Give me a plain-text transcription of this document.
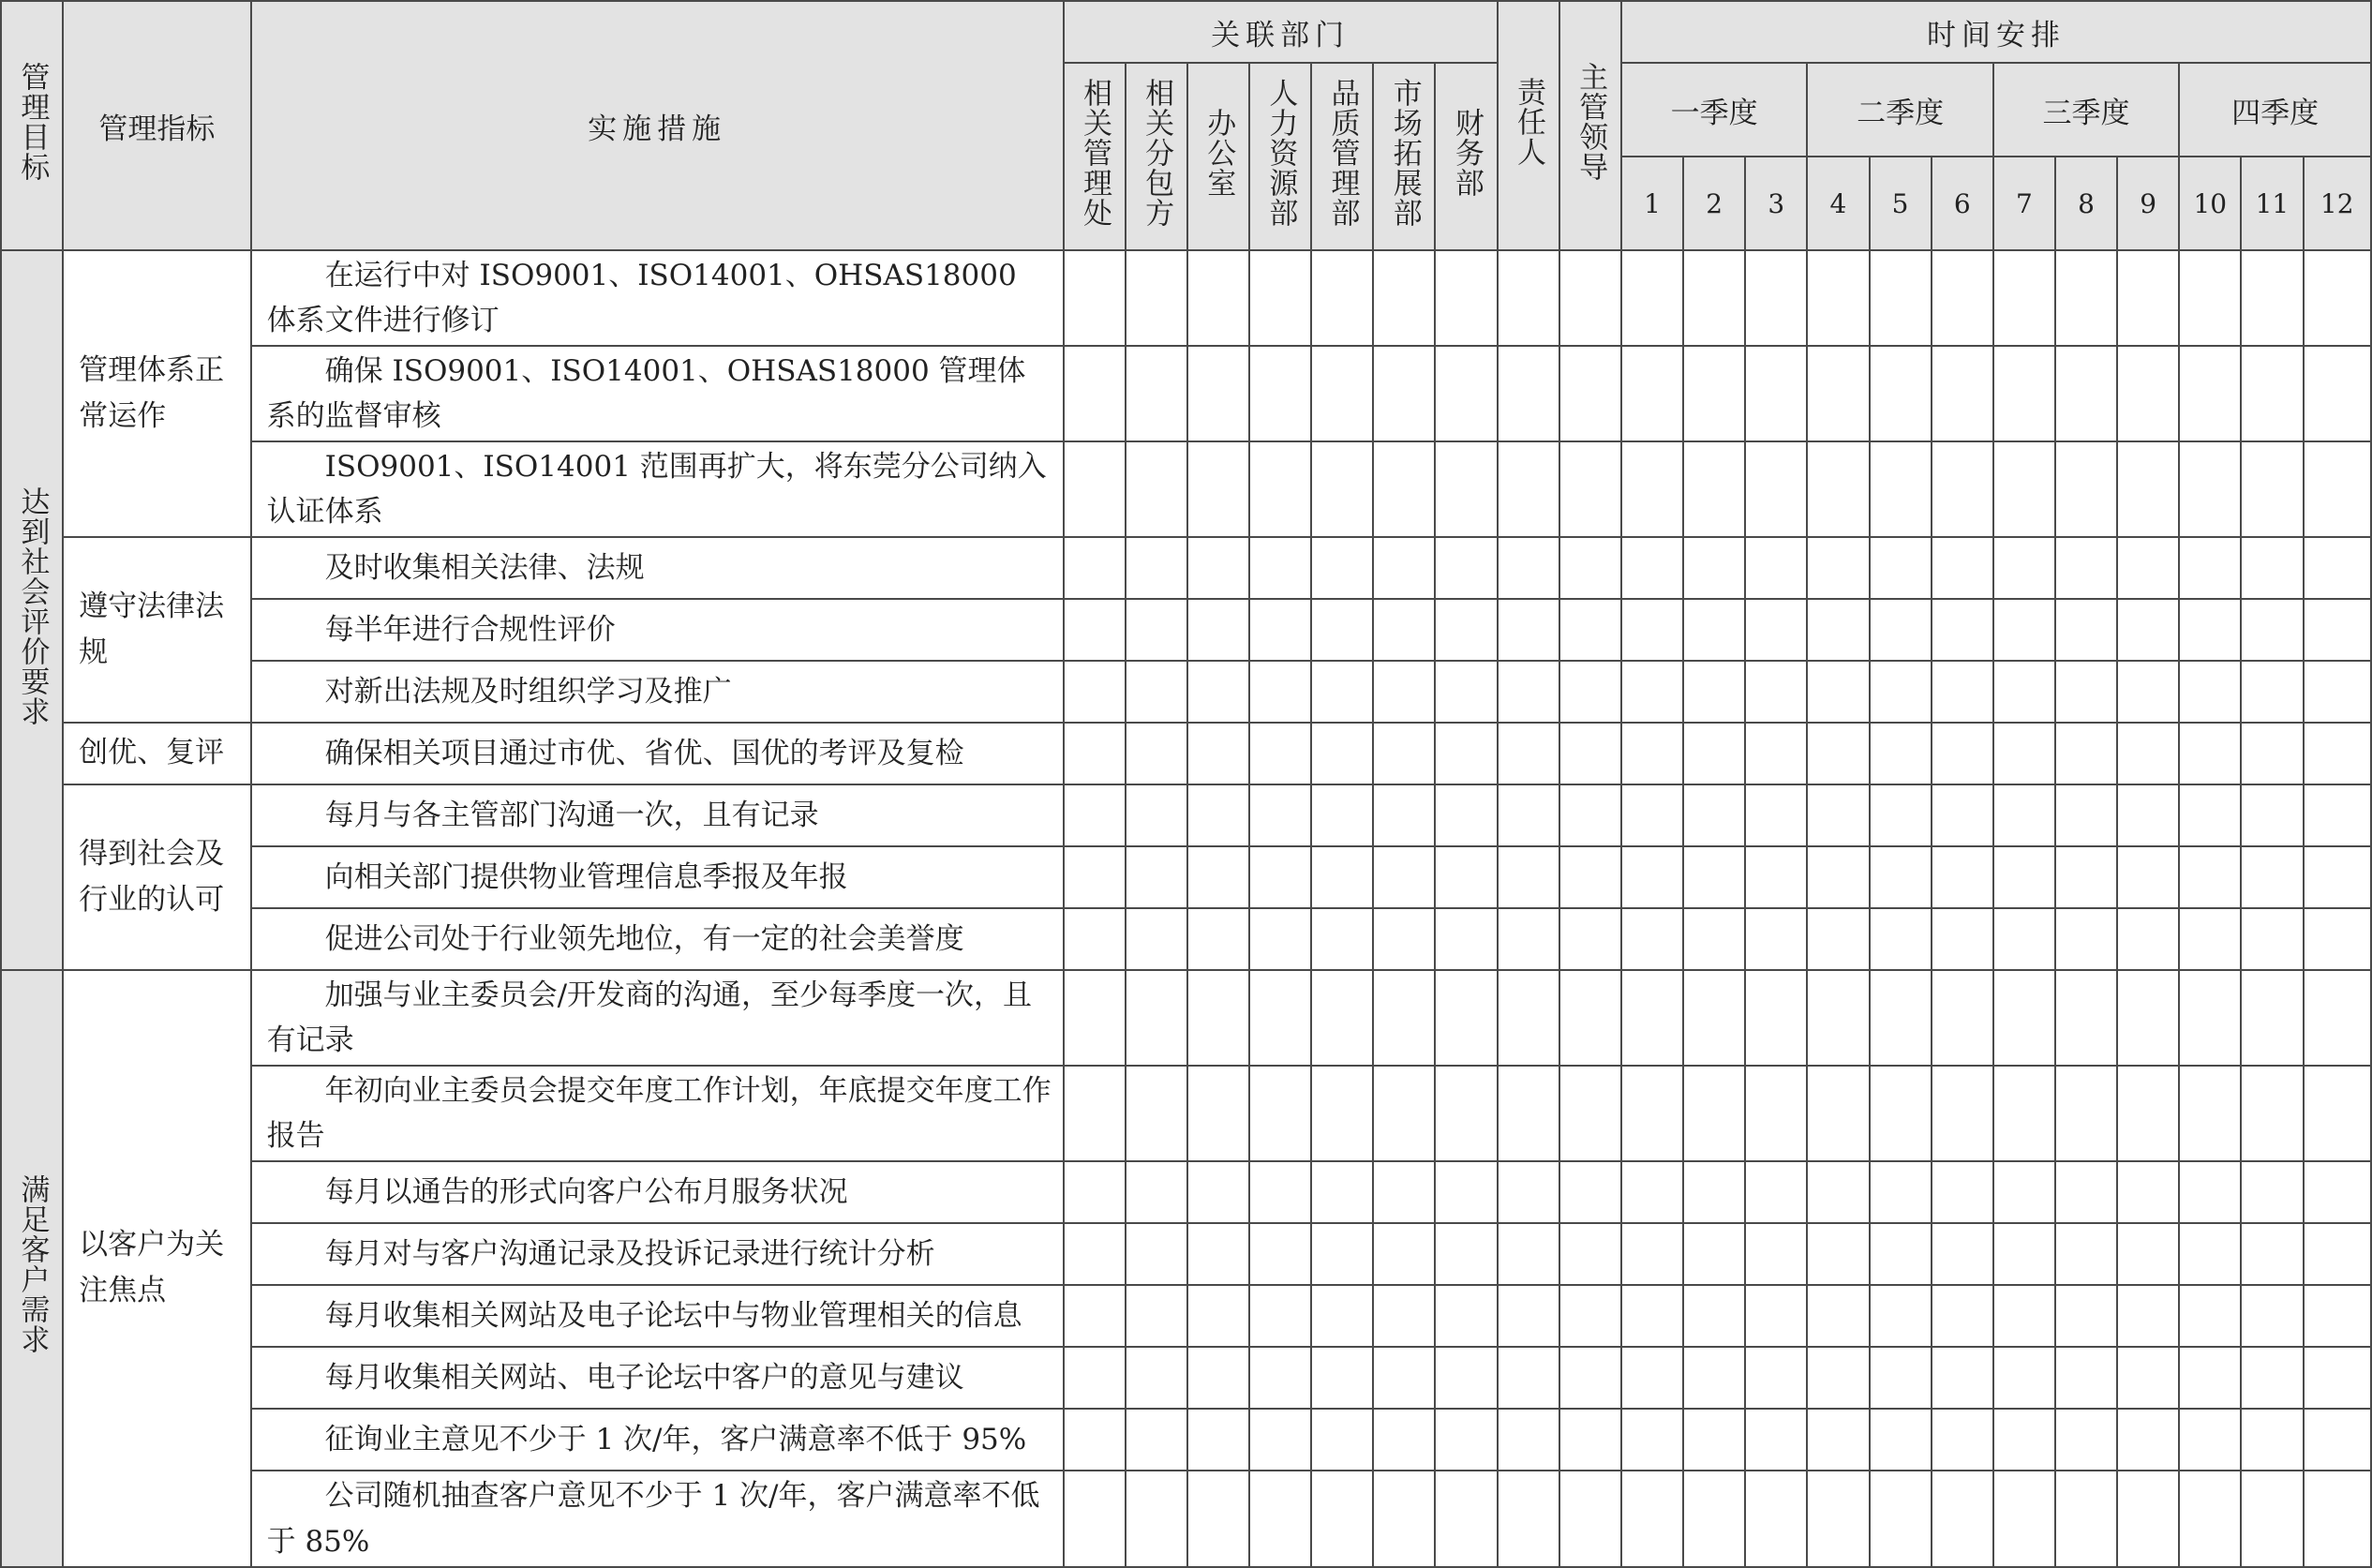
管理目标	管理指标	实施措施	关联部门							责任人	主管领导	时间安排											
			相关管理处	相关分包方	办公室	人力资源部	品质管理部	市场拓展部	财务部			一季度			二季度			三季度			四季度		
												1	2	3	4	5	6	7	8	9	10	11	12
达到社会评价要求	管理体系正常运作	在运行中对 ISO9001、ISO14001、OHSAS18000 体系文件进行修订																					

		确保 ISO9001、ISO14001、OHSAS18000 管理体系的监督审核																					

		ISO9001、ISO14001 范围再扩大，将东莞分公司纳入认证体系																					

	遵守法律法规	及时收集相关法律、法规																					

		每半年进行合规性评价																					

		对新出法规及时组织学习及推广																					

	创优、复评	确保相关项目通过市优、省优、国优的考评及复检																					

	得到社会及行业的认可	每月与各主管部门沟通一次，且有记录																					

		向相关部门提供物业管理信息季报及年报																					

		促进公司处于行业领先地位，有一定的社会美誉度																					

满足客户需求	以客户为关注焦点	加强与业主委员会/开发商的沟通，至少每季度一次，且有记录																					

		年初向业主委员会提交年度工作计划，年底提交年度工作报告																					

		每月以通告的形式向客户公布月服务状况																					

		每月对与客户沟通记录及投诉记录进行统计分析																					

		每月收集相关网站及电子论坛中与物业管理相关的信息																					

		每月收集相关网站、电子论坛中客户的意见与建议																					

		征询业主意见不少于 1 次/年，客户满意率不低于 95%																					

		公司随机抽查客户意见不少于 1 次/年，客户满意率不低于 85%																					
